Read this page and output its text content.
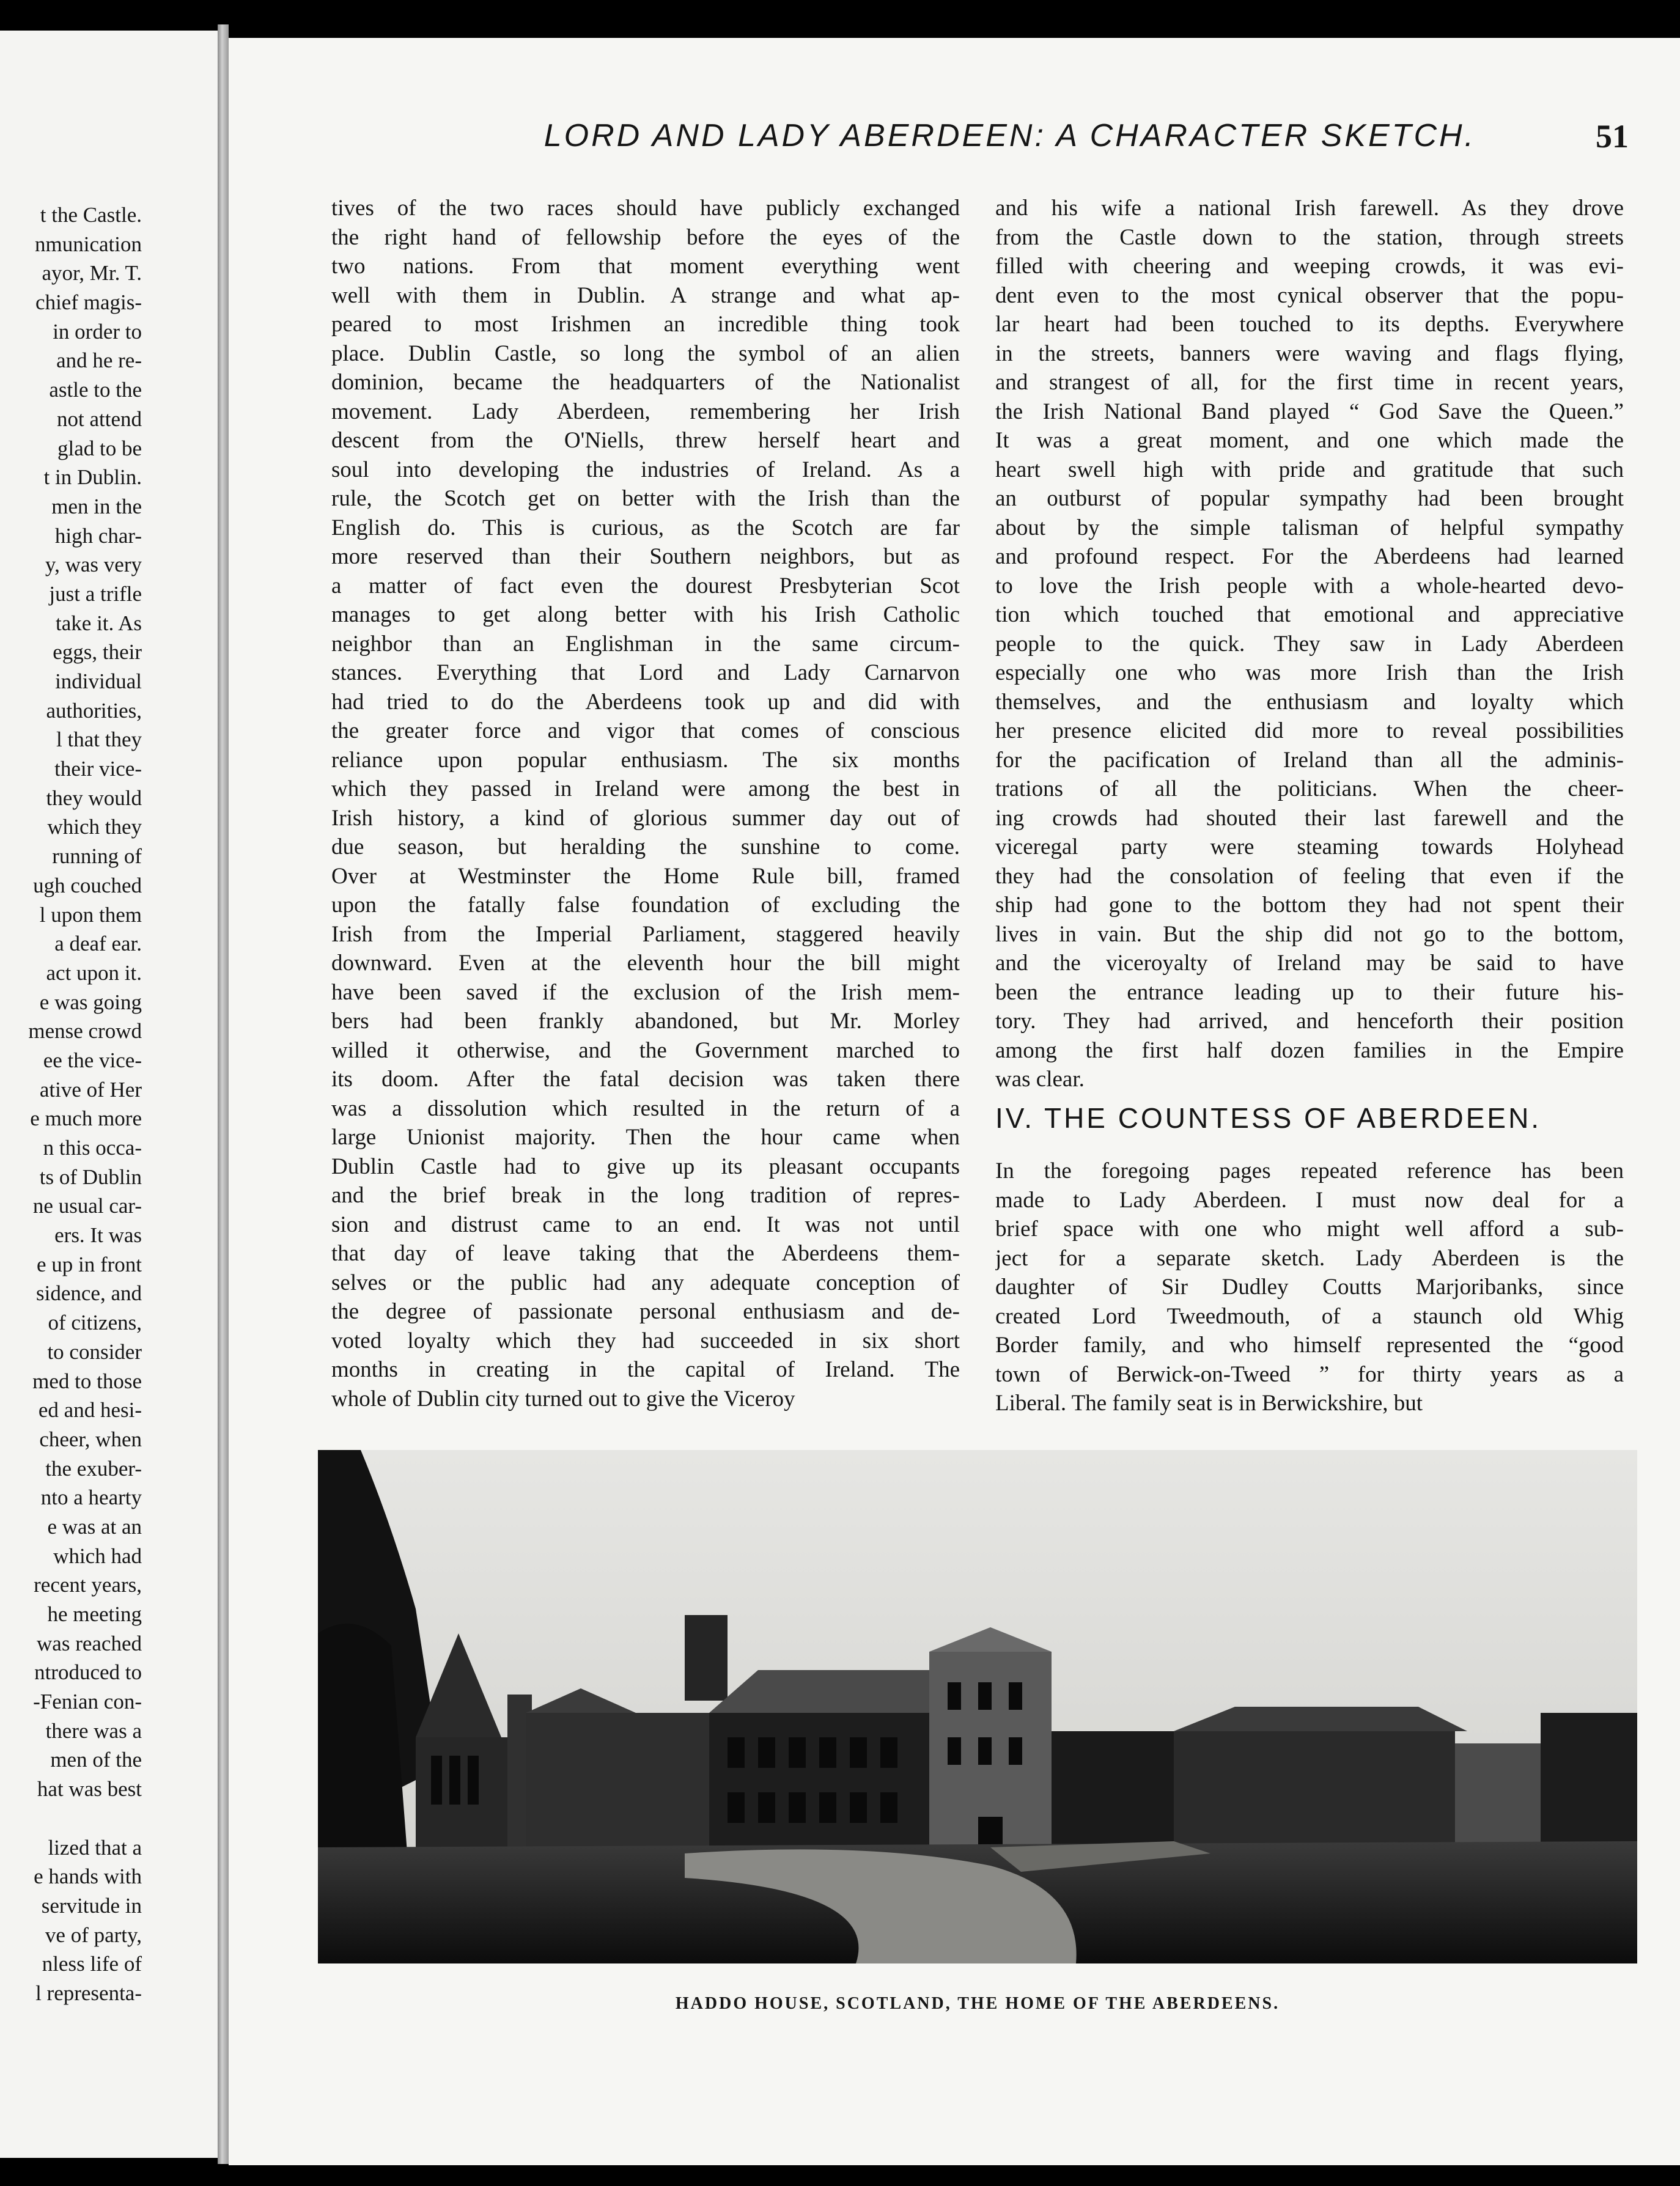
t the Castle.
nmunication
ayor, Mr. T.
chief magis-
in order to
and he re-
astle to the
not attend
glad to be
t in Dublin.
men in the
high char-
y, was very
just a trifle
take it. As
eggs, their
individual
authorities,
l that they
their vice-
they would
which they
running of
ugh couched
l upon them
a deaf ear.
act upon it.
e was going
mense crowd
ee the vice-
ative of Her
e much more
n this occa-
ts of Dublin
ne usual car-
ers. It was
e up in front
sidence, and
of citizens,
to consider
med to those
ed and hesi-
cheer, when
the exuber-
nto a hearty
e was at an
which had
recent years,
he meeting
was reached
ntroduced to
-Fenian con-
there was a
men of the
hat was best
lized that a
e hands with
servitude in
ve of party,
nless life of
l representa-
LORD AND LADY ABERDEEN: A CHARACTER SKETCH.	51
tives of the two races should have publicly exchanged
the right hand of fellowship before the eyes of the
two nations. From that moment everything went
well with them in Dublin. A strange and what ap-
peared to most Irishmen an incredible thing took
place. Dublin Castle, so long the symbol of an alien
dominion, became the headquarters of the Nationalist
movement. Lady Aberdeen, remembering her Irish
descent from the O'Niells, threw herself heart and
soul into developing the industries of Ireland. As a
rule, the Scotch get on better with the Irish than the
English do. This is curious, as the Scotch are far
more reserved than their Southern neighbors, but as
a matter of fact even the dourest Presbyterian Scot
manages to get along better with his Irish Catholic
neighbor than an Englishman in the same circum-
stances. Everything that Lord and Lady Carnarvon
had tried to do the Aberdeens took up and did with
the greater force and vigor that comes of conscious
reliance upon popular enthusiasm. The six months
which they passed in Ireland were among the best in
Irish history, a kind of glorious summer day out of
due season, but heralding the sunshine to come.
Over at Westminster the Home Rule bill, framed
upon the fatally false foundation of excluding the
Irish from the Imperial Parliament, staggered heavily
downward. Even at the eleventh hour the bill might
have been saved if the exclusion of the Irish mem-
bers had been frankly abandoned, but Mr. Morley
willed it otherwise, and the Government marched to
its doom. After the fatal decision was taken there
was a dissolution which resulted in the return of a
large Unionist majority. Then the hour came when
Dublin Castle had to give up its pleasant occupants
and the brief break in the long tradition of repres-
sion and distrust came to an end. It was not until
that day of leave taking that the Aberdeens them-
selves or the public had any adequate conception of
the degree of passionate personal enthusiasm and de-
voted loyalty which they had succeeded in six short
months in creating in the capital of Ireland. The
whole of Dublin city turned out to give the Viceroy
and his wife a national Irish farewell. As they drove
from the Castle down to the station, through streets
filled with cheering and weeping crowds, it was evi-
dent even to the most cynical observer that the popu-
lar heart had been touched to its depths. Everywhere
in the streets, banners were waving and flags flying,
and strangest of all, for the first time in recent years,
the Irish National Band played “ God Save the Queen.”
It was a great moment, and one which made the
heart swell high with pride and gratitude that such
an outburst of popular sympathy had been brought
about by the simple talisman of helpful sympathy
and profound respect. For the Aberdeens had learned
to love the Irish people with a whole-hearted devo-
tion which touched that emotional and appreciative
people to the quick. They saw in Lady Aberdeen
especially one who was more Irish than the Irish
themselves, and the enthusiasm and loyalty which
her presence elicited did more to reveal possibilities
for the pacification of Ireland than all the adminis-
trations of all the politicians. When the cheer-
ing crowds had shouted their last farewell and the
viceregal party were steaming towards Holyhead
they had the consolation of feeling that even if the
ship had gone to the bottom they had not spent their
lives in vain. But the ship did not go to the bottom,
and the viceroyalty of Ireland may be said to have
been the entrance leading up to their future his-
tory. They had arrived, and henceforth their position
among the first half dozen families in the Empire
was clear.
IV. THE COUNTESS OF ABERDEEN.
In the foregoing pages repeated reference has been
made to Lady Aberdeen. I must now deal for a
brief space with one who might well afford a sub-
ject for a separate sketch. Lady Aberdeen is the
daughter of Sir Dudley Coutts Marjoribanks, since
created Lord Tweedmouth, of a staunch old Whig
Border family, and who himself represented the “good
town of Berwick-on-Tweed ” for thirty years as a
Liberal. The family seat is in Berwickshire, but
HADDO HOUSE, SCOTLAND, THE HOME OF THE ABERDEENS.
